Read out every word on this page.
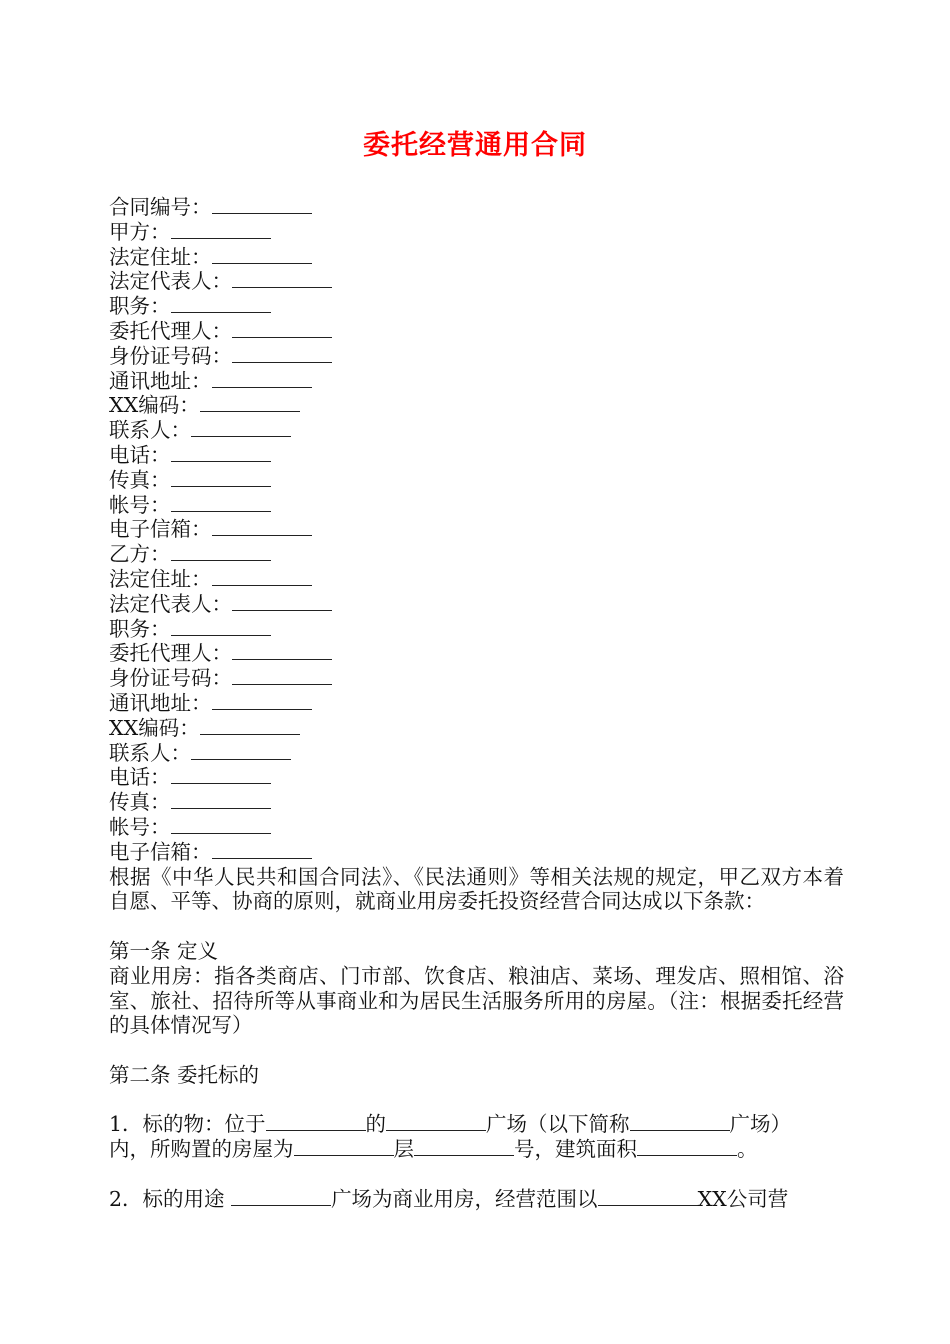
委托经营通用合同
合同编号：
甲方：
法定住址：
法定代表人：
职务：
委托代理人：
身份证号码：
通讯地址：
XX编码：
联系人：
电话：
传真：
帐号：
电子信箱：
乙方：
法定住址：
法定代表人：
职务：
委托代理人：
身份证号码：
通讯地址：
XX编码：
联系人：
电话：
传真：
帐号：
电子信箱：
根据《中华人民共和国合同法》、《民法通则》等相关法规的规定，甲乙双方本着自愿、平等、协商的原则，就商业用房委托投资经营合同达成以下条款：
第一条 定义
商业用房：指各类商店、门市部、饮食店、粮油店、菜场、理发店、照相馆、浴室、旅社、招待所等从事商业和为居民生活服务所用的房屋。（注：根据委托经营的具体情况写）
第二条 委托标的
1．标的物：位于	的	广场（以下简称	广场）
内，所购置的房屋为	层	号，建筑面积	。
2．标的用途	广场为商业用房，经营范围以	XX公司营
